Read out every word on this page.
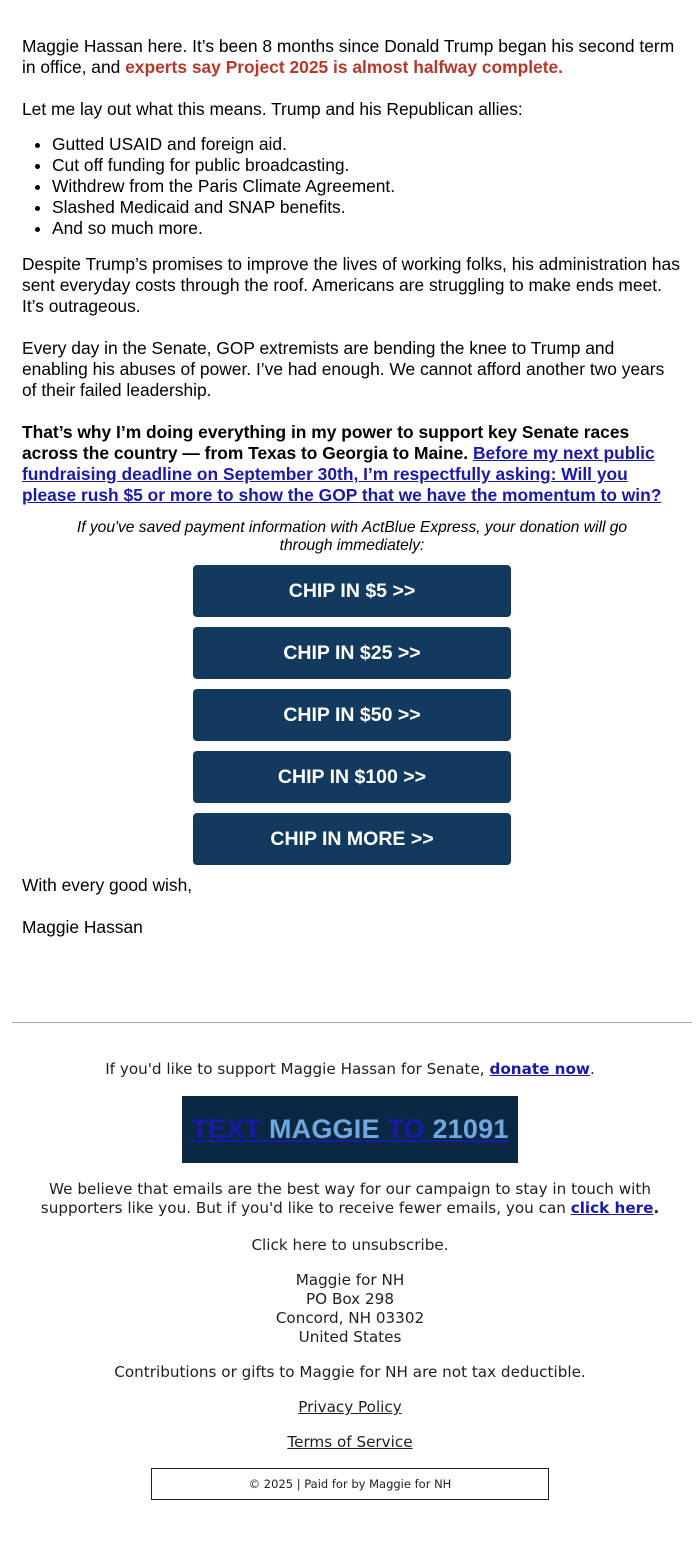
Maggie Hassan here. It’s been 8 months since Donald Trump began his second term in office, and experts say Project 2025 is almost halfway complete.

Let me lay out what this means. Trump and his Republican allies:

• Gutted USAID and foreign aid.
• Cut off funding for public broadcasting.
• Withdrew from the Paris Climate Agreement.
• Slashed Medicaid and SNAP benefits.
• And so much more.

Despite Trump’s promises to improve the lives of working folks, his administration has sent everyday costs through the roof. Americans are struggling to make ends meet. It’s outrageous.

Every day in the Senate, GOP extremists are bending the knee to Trump and enabling his abuses of power. I’ve had enough. We cannot afford another two years of their failed leadership.

That’s why I’m doing everything in my power to support key Senate races across the country — from Texas to Georgia to Maine. Before my next public fundraising deadline on September 30th, I’m respectfully asking: Will you please rush $5 or more to show the GOP that we have the momentum to win?

If you've saved payment information with ActBlue Express, your donation will go through immediately:

CHIP IN $5 >>
CHIP IN $25 >>
CHIP IN $50 >>
CHIP IN $100 >>
CHIP IN MORE >>

With every good wish,

Maggie Hassan

If you'd like to support Maggie Hassan for Senate, donate now.

TEXT MAGGIE TO 21091

We believe that emails are the best way for our campaign to stay in touch with supporters like you. But if you'd like to receive fewer emails, you can click here.

Click here to unsubscribe.

Maggie for NH
PO Box 298
Concord, NH 03302
United States

Contributions or gifts to Maggie for NH are not tax deductible.

Privacy Policy

Terms of Service

© 2025 | Paid for by Maggie for NH
